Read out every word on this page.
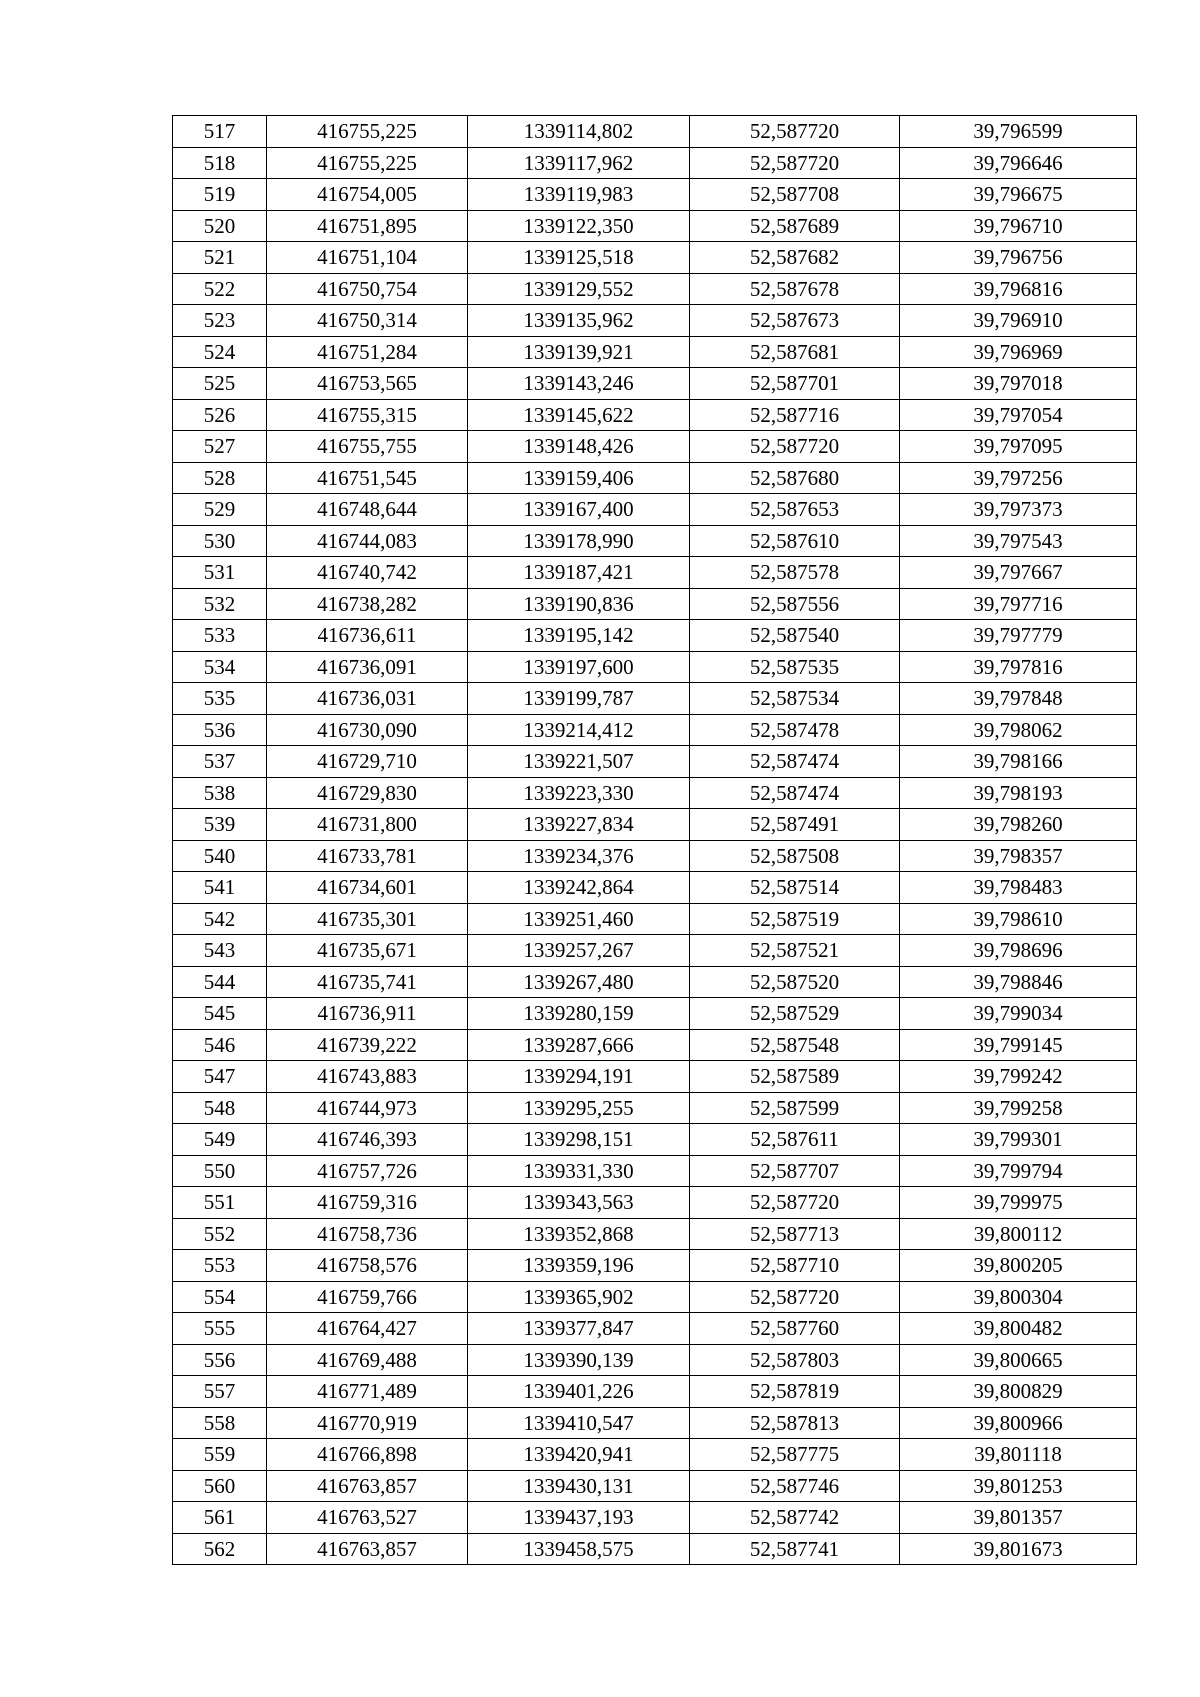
517	416755,225	1339114,802	52,587720	39,796599
518	416755,225	1339117,962	52,587720	39,796646
519	416754,005	1339119,983	52,587708	39,796675
520	416751,895	1339122,350	52,587689	39,796710
521	416751,104	1339125,518	52,587682	39,796756
522	416750,754	1339129,552	52,587678	39,796816
523	416750,314	1339135,962	52,587673	39,796910
524	416751,284	1339139,921	52,587681	39,796969
525	416753,565	1339143,246	52,587701	39,797018
526	416755,315	1339145,622	52,587716	39,797054
527	416755,755	1339148,426	52,587720	39,797095
528	416751,545	1339159,406	52,587680	39,797256
529	416748,644	1339167,400	52,587653	39,797373
530	416744,083	1339178,990	52,587610	39,797543
531	416740,742	1339187,421	52,587578	39,797667
532	416738,282	1339190,836	52,587556	39,797716
533	416736,611	1339195,142	52,587540	39,797779
534	416736,091	1339197,600	52,587535	39,797816
535	416736,031	1339199,787	52,587534	39,797848
536	416730,090	1339214,412	52,587478	39,798062
537	416729,710	1339221,507	52,587474	39,798166
538	416729,830	1339223,330	52,587474	39,798193
539	416731,800	1339227,834	52,587491	39,798260
540	416733,781	1339234,376	52,587508	39,798357
541	416734,601	1339242,864	52,587514	39,798483
542	416735,301	1339251,460	52,587519	39,798610
543	416735,671	1339257,267	52,587521	39,798696
544	416735,741	1339267,480	52,587520	39,798846
545	416736,911	1339280,159	52,587529	39,799034
546	416739,222	1339287,666	52,587548	39,799145
547	416743,883	1339294,191	52,587589	39,799242
548	416744,973	1339295,255	52,587599	39,799258
549	416746,393	1339298,151	52,587611	39,799301
550	416757,726	1339331,330	52,587707	39,799794
551	416759,316	1339343,563	52,587720	39,799975
552	416758,736	1339352,868	52,587713	39,800112
553	416758,576	1339359,196	52,587710	39,800205
554	416759,766	1339365,902	52,587720	39,800304
555	416764,427	1339377,847	52,587760	39,800482
556	416769,488	1339390,139	52,587803	39,800665
557	416771,489	1339401,226	52,587819	39,800829
558	416770,919	1339410,547	52,587813	39,800966
559	416766,898	1339420,941	52,587775	39,801118
560	416763,857	1339430,131	52,587746	39,801253
561	416763,527	1339437,193	52,587742	39,801357
562	416763,857	1339458,575	52,587741	39,801673
